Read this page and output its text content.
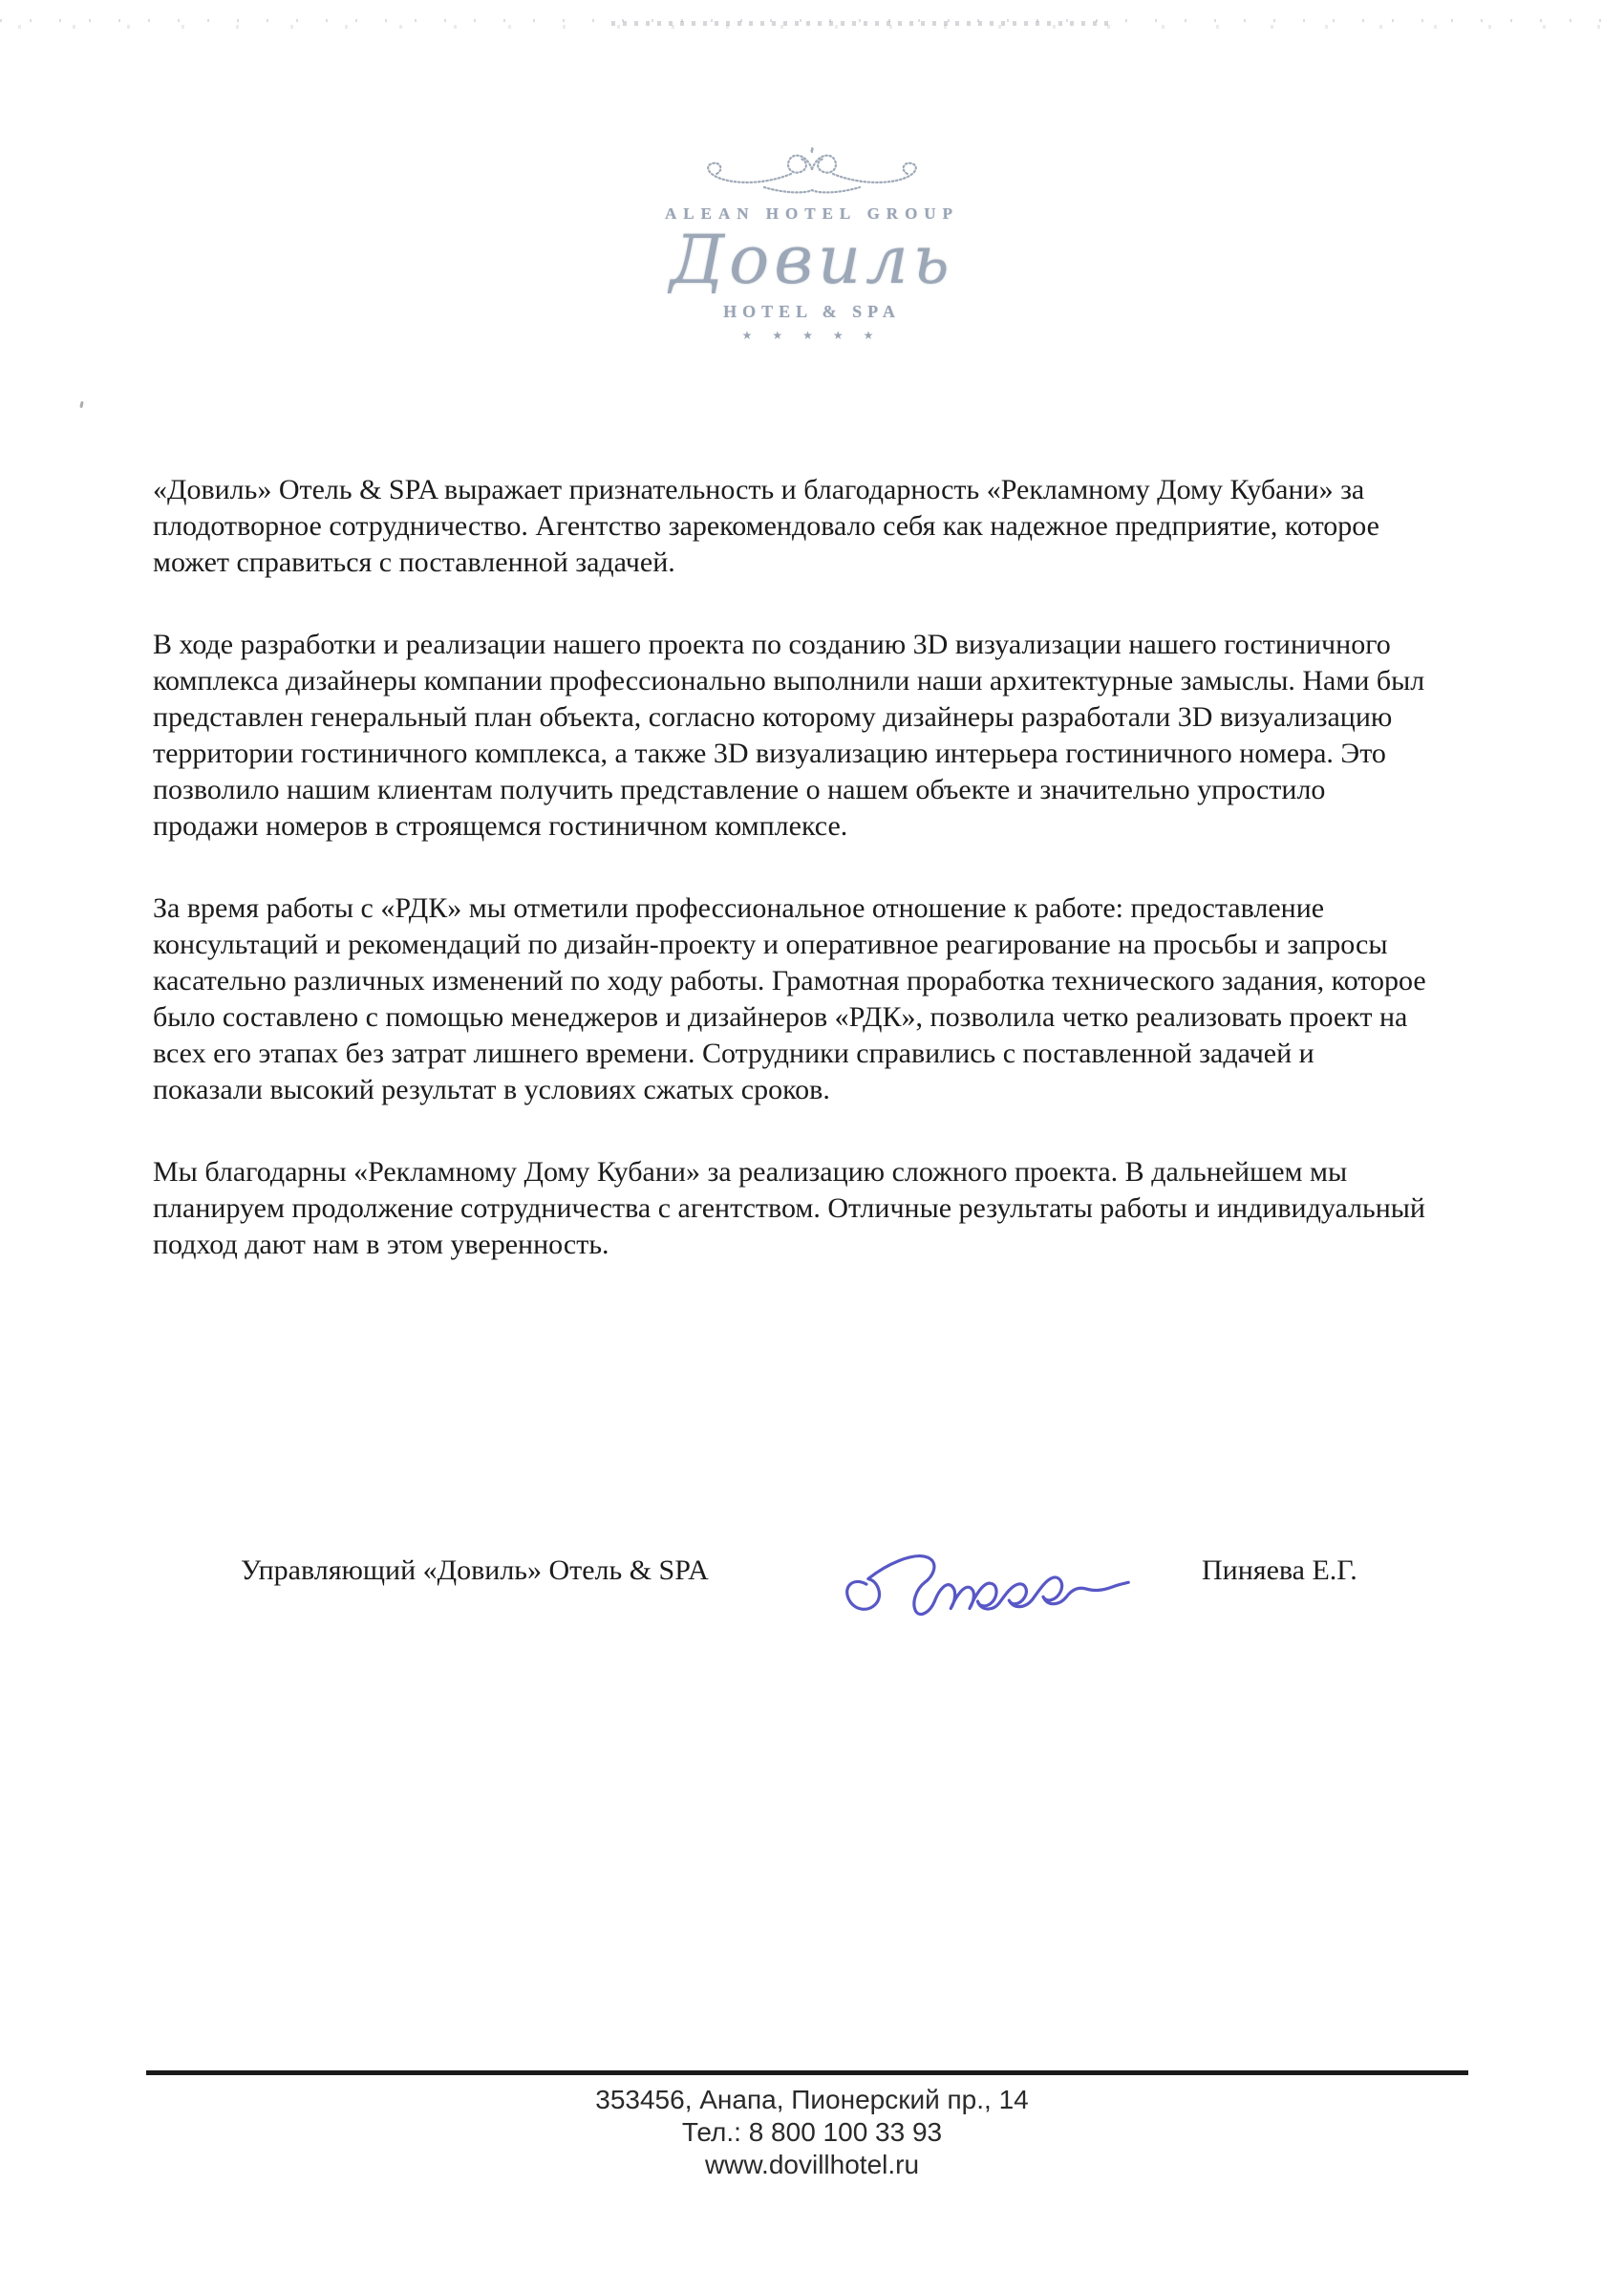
ALEAN HOTEL GROUP
Довиль
HOTEL & SPA
★ ★ ★ ★ ★

«Довиль» Отель & SPA выражает признательность и благодарность «Рекламному Дому Кубани» за плодотворное сотрудничество. Агентство зарекомендовало себя как надежное предприятие, которое может справиться с поставленной задачей.

В ходе разработки и реализации нашего проекта по созданию 3D визуализации нашего гостиничного комплекса дизайнеры компании профессионально выполнили наши архитектурные замыслы. Нами был представлен генеральный план объекта, согласно которому дизайнеры разработали 3D визуализацию территории гостиничного комплекса, а также 3D визуализацию интерьера гостиничного номера. Это позволило нашим клиентам получить представление о нашем объекте и значительно упростило продажи номеров в строящемся гостиничном комплексе.

За время работы с «РДК» мы отметили профессиональное отношение к работе: предоставление консультаций и рекомендаций по дизайн-проекту и оперативное реагирование на просьбы и запросы касательно различных изменений по ходу работы. Грамотная проработка технического задания, которое было составлено с помощью менеджеров и дизайнеров «РДК», позволила четко реализовать проект на всех его этапах без затрат лишнего времени. Сотрудники справились с поставленной задачей и показали высокий результат в условиях сжатых сроков.

Мы благодарны «Рекламному Дому Кубани» за реализацию сложного проекта. В дальнейшем мы планируем продолжение сотрудничества с агентством. Отличные результаты работы и индивидуальный подход дают нам в этом уверенность.

Управляющий «Довиль» Отель & SPA	Пиняева Е.Г.
353456, Анапа, Пионерский пр., 14
Тел.: 8 800 100 33 93
www.dovillhotel.ru
